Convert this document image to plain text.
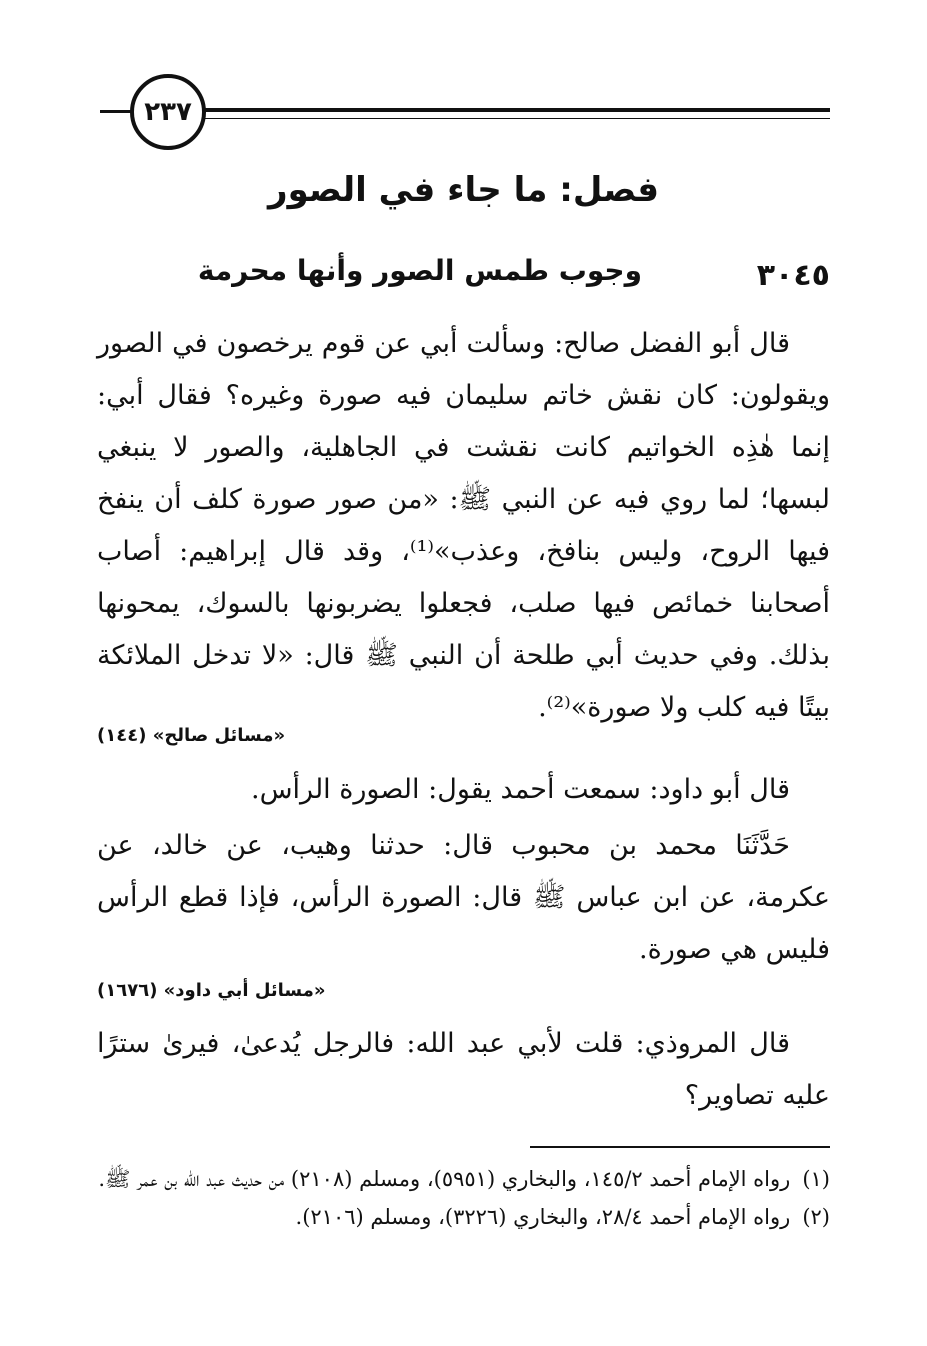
٢٣٧
فصل: ما جاء في الصور
٣٠٤٥
وجوب طمس الصور وأنها محرمة
قال أبو الفضل صالح: وسألت أبي عن قوم يرخصون في الصور ويقولون: كان نقش خاتم سليمان فيه صورة وغيره؟ فقال أبي: إنما هٰذِه الخواتيم كانت نقشت في الجاهلية، والصور لا ينبغي لبسها؛ لما روي فيه عن النبي ﷺ: «من صور صورة كلف أن ينفخ فيها الروح، وليس بنافخ، وعذب»⁽¹⁾، وقد قال إبراهيم: أصاب أصحابنا خمائص فيها صلب، فجعلوا يضربونها بالسوك، يمحونها بذلك. وفي حديث أبي طلحة أن النبي ﷺ قال: «لا تدخل الملائكة بيتًا فيه كلب ولا صورة»⁽²⁾.
«مسائل صالح» (١٤٤)
قال أبو داود: سمعت أحمد يقول: الصورة الرأس.
حَدَّثَنَا محمد بن محبوب قال: حدثنا وهيب، عن خالد، عن عكرمة، عن ابن عباس ﷺ قال: الصورة الرأس، فإذا قطع الرأس فليس هي صورة.
«مسائل أبي داود» (١٦٧٦)
قال المروذي: قلت لأبي عبد الله: فالرجل يُدعىٰ، فيرىٰ سترًا عليه تصاوير؟
(١)رواه الإمام أحمد ١٤٥/٢، والبخاري (٥٩٥١)، ومسلم (٢١٠٨) من حديث عبد الله بن عمر ﷺ.
(٢)رواه الإمام أحمد ٢٨/٤، والبخاري (٣٢٢٦)، ومسلم (٢١٠٦).
